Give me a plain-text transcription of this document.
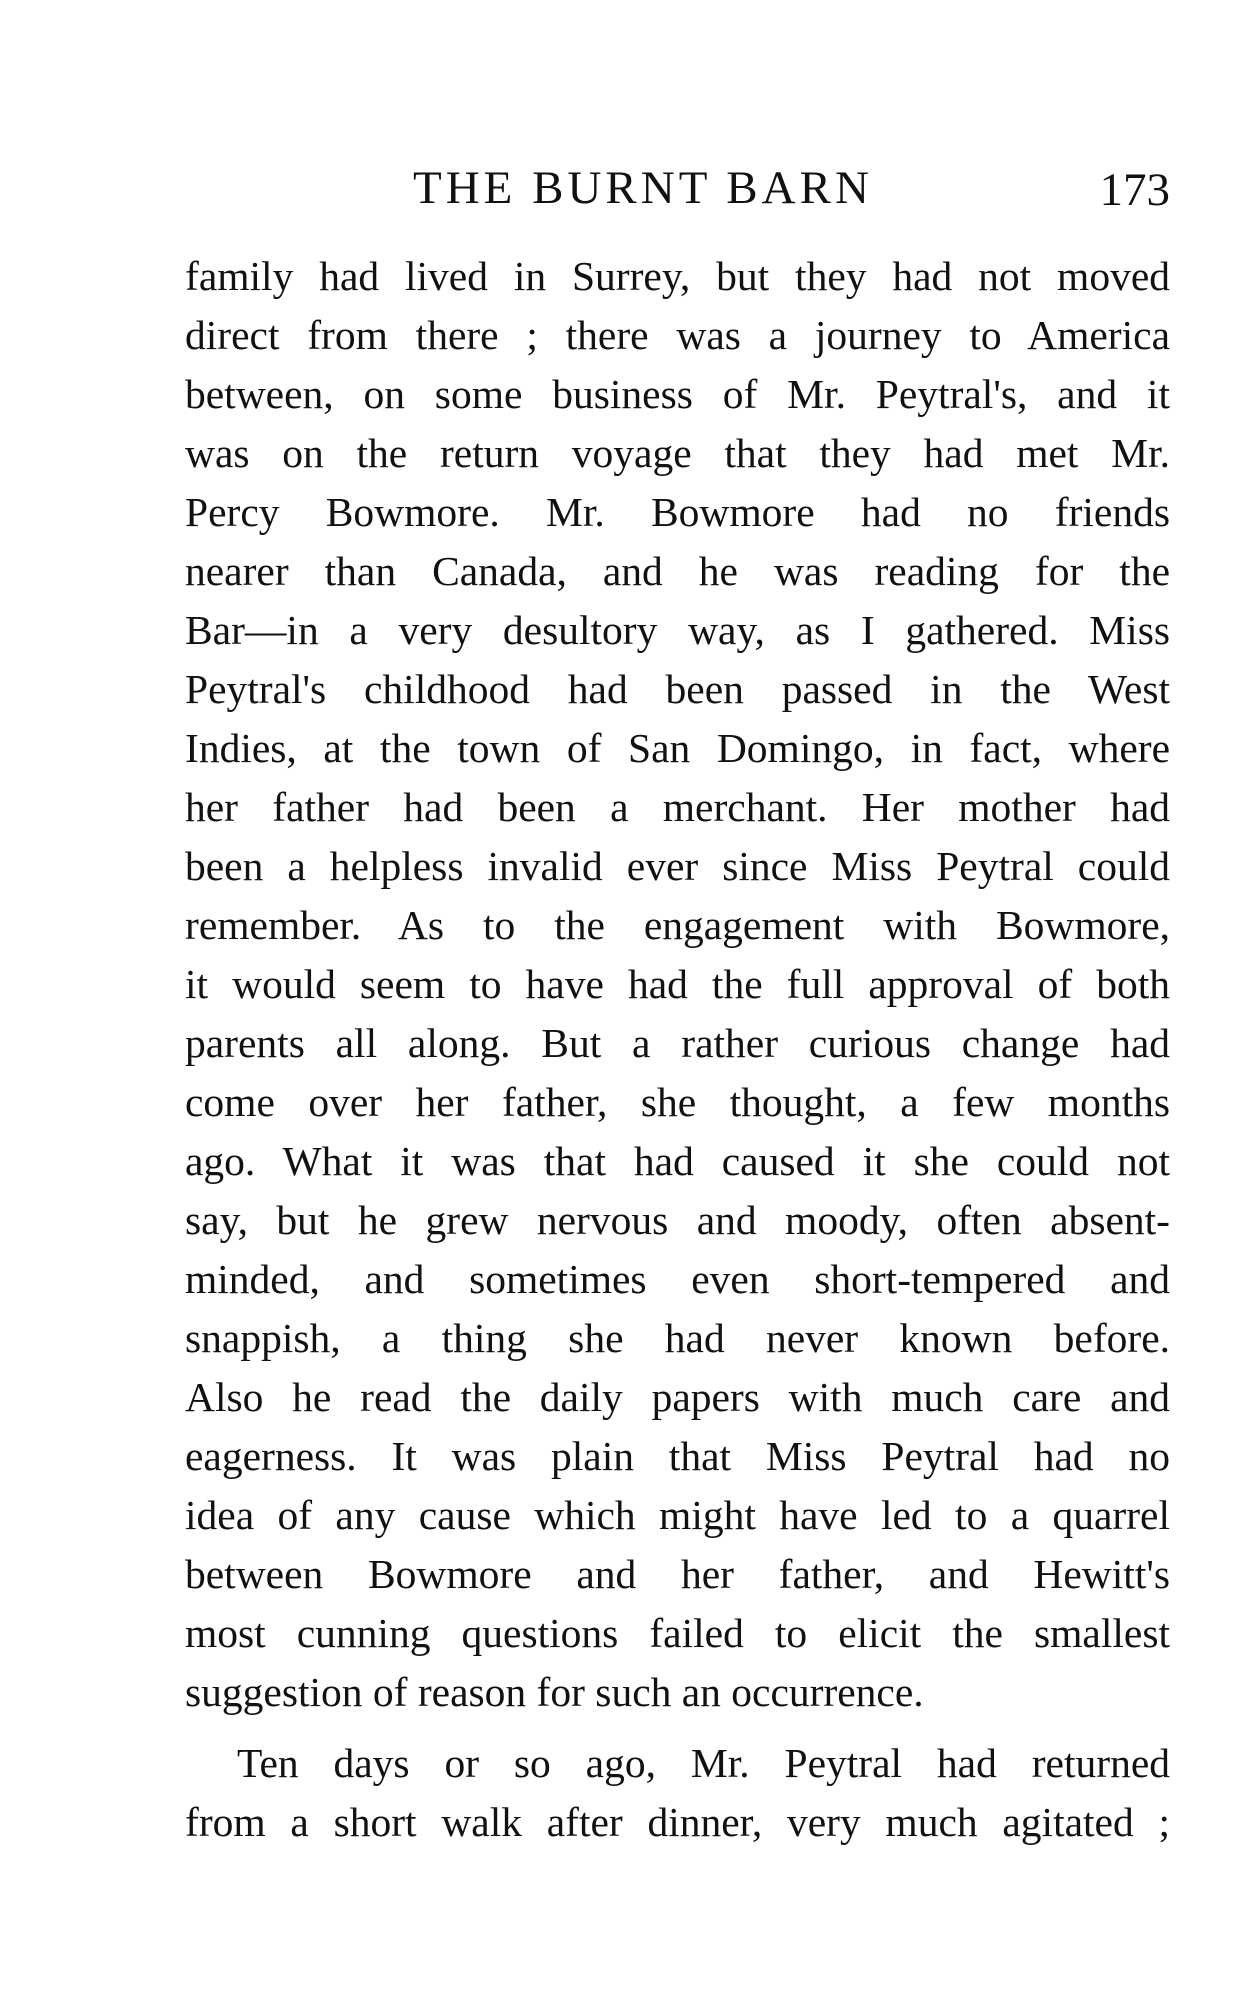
THE BURNT BARN	173
family had lived in Surrey, but they had not moved
direct from there ; there was a journey to America
between, on some business of Mr. Peytral's, and it
was on the return voyage that they had met Mr.
Percy Bowmore. Mr. Bowmore had no friends
nearer than Canada, and he was reading for the
Bar—in a very desultory way, as I gathered. Miss
Peytral's childhood had been passed in the West
Indies, at the town of San Domingo, in fact, where
her father had been a merchant. Her mother had
been a helpless invalid ever since Miss Peytral could
remember. As to the engagement with Bowmore,
it would seem to have had the full approval of both
parents all along. But a rather curious change had
come over her father, she thought, a few months
ago. What it was that had caused it she could not
say, but he grew nervous and moody, often absent-
minded, and sometimes even short-tempered and
snappish, a thing she had never known before.
Also he read the daily papers with much care and
eagerness. It was plain that Miss Peytral had no
idea of any cause which might have led to a quarrel
between Bowmore and her father, and Hewitt's
most cunning questions failed to elicit the smallest
suggestion of reason for such an occurrence.
Ten days or so ago, Mr. Peytral had returned
from a short walk after dinner, very much agitated ;
